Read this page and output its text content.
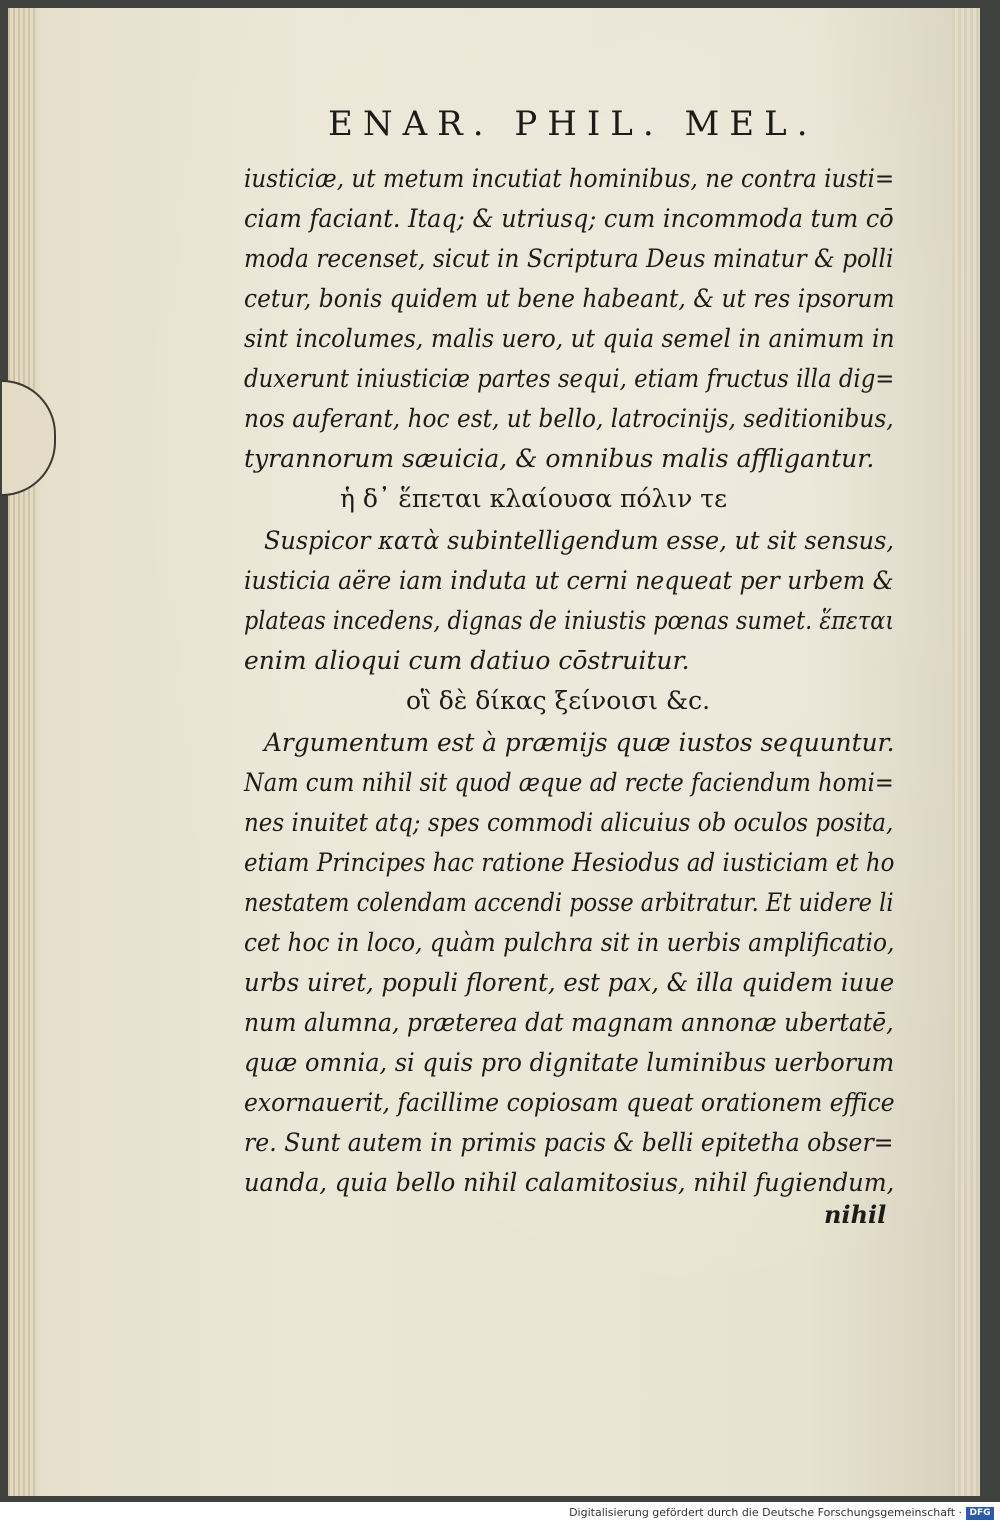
ENAR. PHIL. MEL.
iusticiæ, ut metum incutiat hominibus, ne contra iusti=
ciam faciant. Itaq; & utriusq; cum incommoda tum cō
moda recenset, sicut in Scriptura Deus minatur & polli
cetur, bonis quidem ut bene habeant, & ut res ipsorum
sint incolumes, malis uero, ut quia semel in animum in
duxerunt iniusticiæ partes sequi, etiam fructus illa dig=
nos auferant, hoc est, ut bello, latrocinijs, seditionibus,
tyrannorum sæuicia, & omnibus malis affligantur.
ἡ δ᾽ ἕπεται κλαίουσα πόλιν τε
Suspicor κατὰ subintelligendum esse, ut sit sensus,
iusticia aëre iam induta ut cerni nequeat per urbem &
plateas incedens, dignas de iniustis pœnas sumet. ἕπεται
enim alioqui cum datiuo cōstruitur.
οἳ δὲ δίκας ξείνοισι &c.
Argumentum est à præmijs quæ iustos sequuntur.
Nam cum nihil sit quod æque ad recte faciendum homi=
nes inuitet atq; spes commodi alicuius ob oculos posita,
etiam Principes hac ratione Hesiodus ad iusticiam et ho
nestatem colendam accendi posse arbitratur. Et uidere li
cet hoc in loco, quàm pulchra sit in uerbis amplificatio,
urbs uiret, populi florent, est pax, & illa quidem iuue
num alumna, præterea dat magnam annonæ ubertatē,
quæ omnia, si quis pro dignitate luminibus uerborum
exornauerit, facillime copiosam queat orationem effice
re. Sunt autem in primis pacis & belli epitetha obser=
uanda, quia bello nihil calamitosius, nihil fugiendum,
nihil
Digitalisierung gefördert durch die Deutsche Forschungsgemeinschaft · DFG
